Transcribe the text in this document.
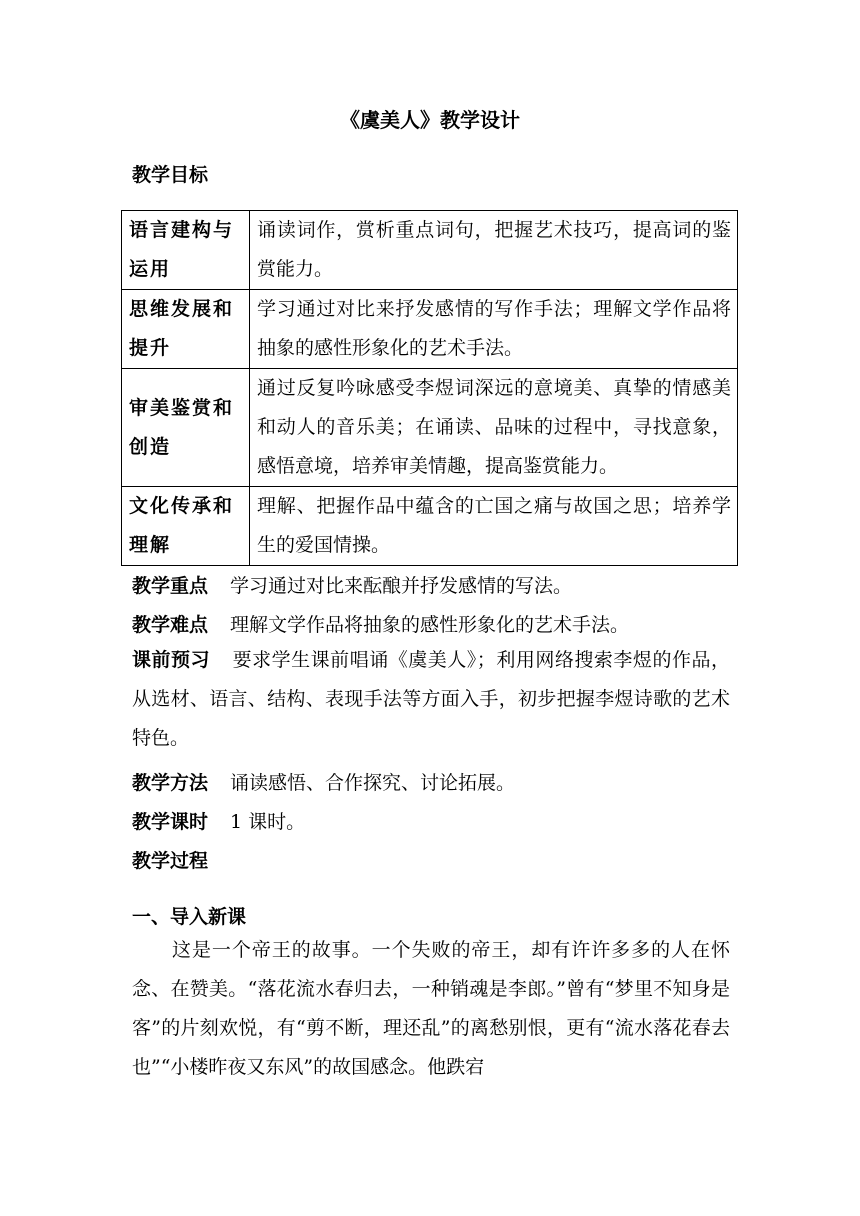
《虞美人》教学设计
教学目标
语言建构与运用	诵读词作，赏析重点词句，把握艺术技巧，提高词的鉴赏能力。
思维发展和提升	学习通过对比来抒发感情的写作手法；理解文学作品将抽象的感性形象化的艺术手法。
审美鉴赏和创造	通过反复吟咏感受李煜词深远的意境美、真挚的情感美和动人的音乐美；在诵读、品味的过程中，寻找意象，感悟意境，培养审美情趣，提高鉴赏能力。
文化传承和理解	理解、把握作品中蕴含的亡国之痛与故国之思；培养学生的爱国情操。
教学重点 学习通过对比来酝酿并抒发感情的写法。
教学难点 理解文学作品将抽象的感性形象化的艺术手法。
课前预习 要求学生课前唱诵《虞美人》；利用网络搜索李煜的作品，从选材、语言、结构、表现手法等方面入手，初步把握李煜诗歌的艺术特色。
教学方法 诵读感悟、合作探究、讨论拓展。
教学课时 1 课时。
教学过程
一、导入新课
这是一个帝王的故事。一个失败的帝王，却有许许多多的人在怀念、在赞美。“落花流水春归去，一种销魂是李郎。”曾有“梦里不知身是客”的片刻欢悦，有“剪不断，理还乱”的离愁别恨，更有“流水落花春去也”“小楼昨夜又东风”的故国感念。他跌宕
